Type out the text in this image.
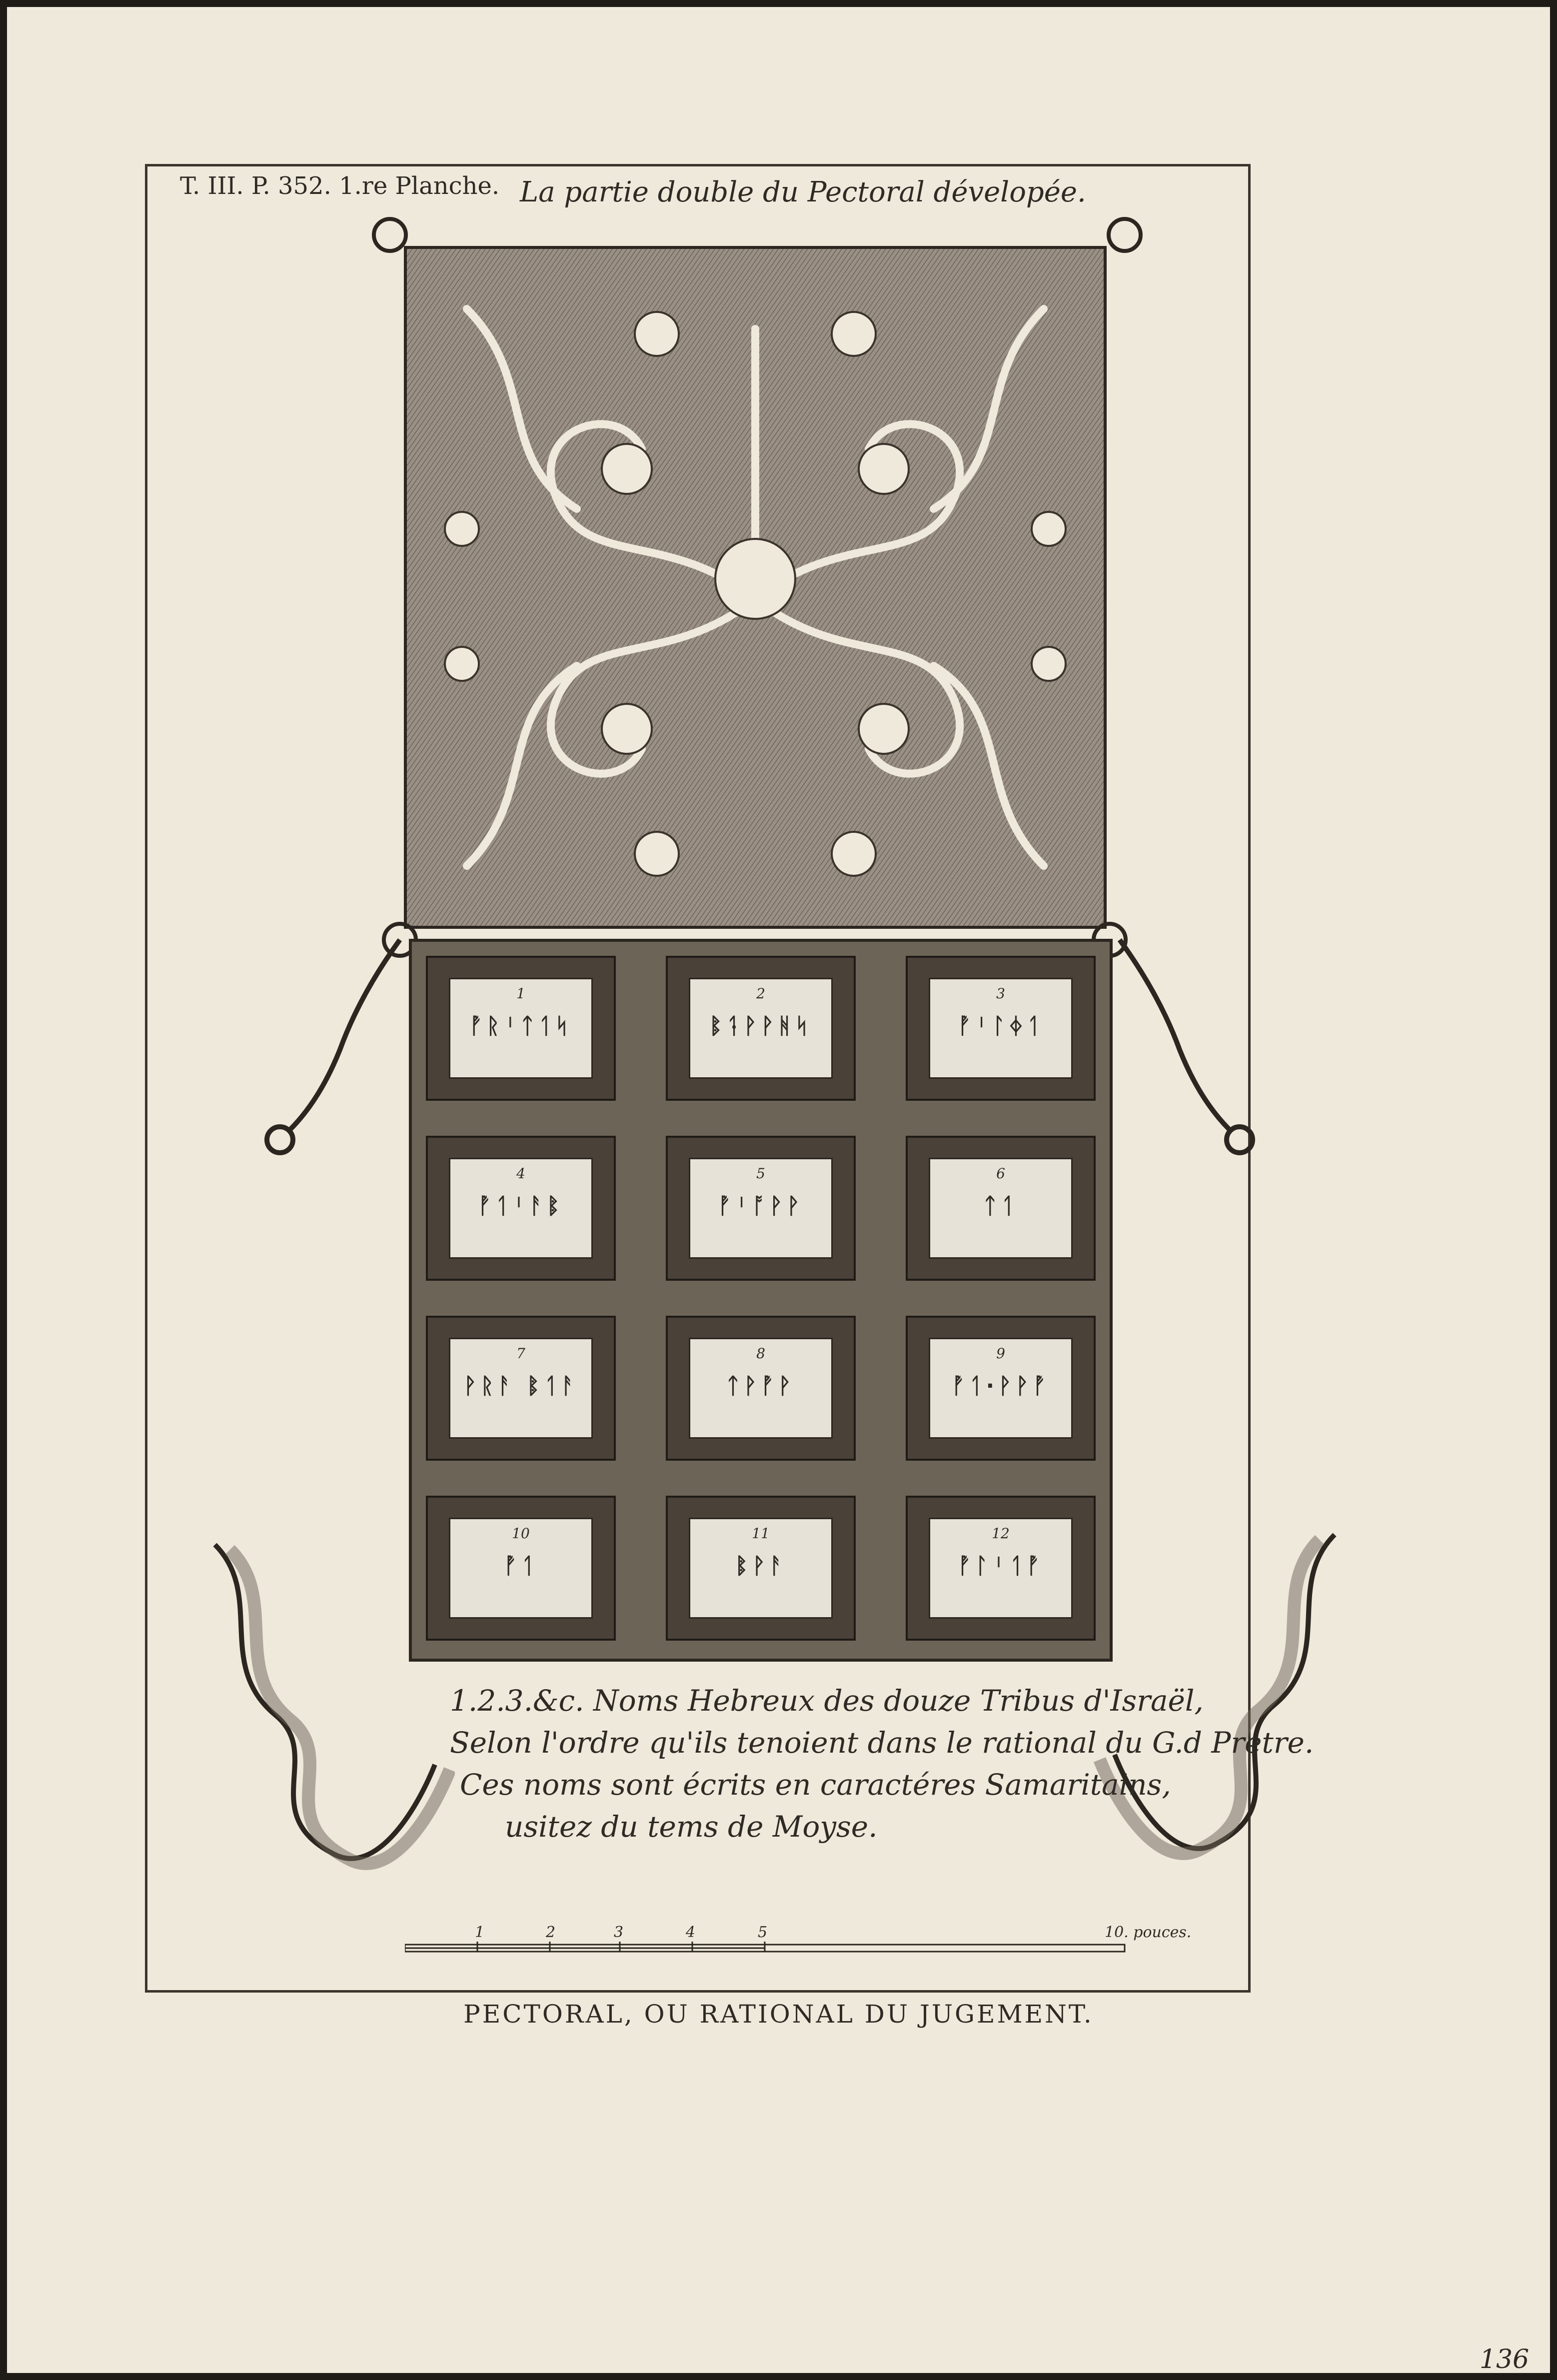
T. III. P. 352. 1.re Planche. La partie double du Pectoral dévelopée.
1
ᚡᚱᛌᛏᛐᛋ
2
ᛔᛑᚹᚹᚻᛋ
3
ᚡᛌᛚᛄᛐ
4
ᚡᛐᛌᚨᛔ
5
ᚡᛌᚩᚹᚹ
6
ᛏᛐ
7
ᚹᚱᚨ ᛔᛐᚨ
8
ᛏᚹᚡᚹ
9
ᚡᛐ·ᚹᚹᚡ
10
ᚡᛐ
11
ᛔᚹᚨ
12
ᚡᛚᛌᛐᚡ
1.2.3.&c. Noms Hebreux des douze Tribus d'Israël,
Selon l'ordre qu'ils tenoient dans le rational du G.d Pretre.
Ces noms sont écrits en caractéres Samaritains,
usitez du tems de Moyse.
1	2	3	4	5	10. pouces.
PECTORAL, OU RATIONAL DU JUGEMENT.
136
